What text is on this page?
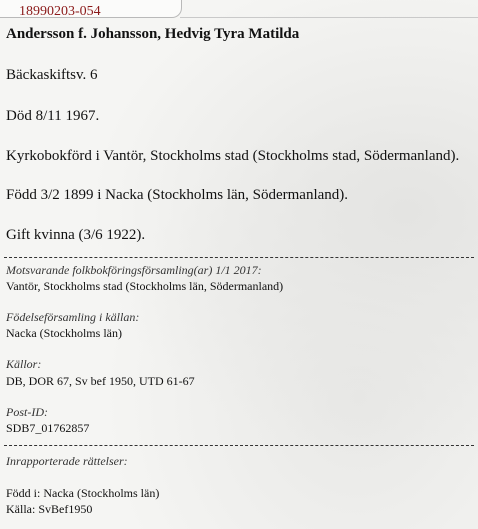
18990203-054
Andersson f. Johansson, Hedvig Tyra Matilda
Bäckaskiftsv. 6
Död 8/11 1967.
Kyrkobokförd i Vantör, Stockholms stad (Stockholms stad, Södermanland).
Född 3/2 1899 i Nacka (Stockholms län, Södermanland).
Gift kvinna (3/6 1922).
Motsvarande folkbokföringsförsamling(ar) 1/1 2017:
Vantör, Stockholms stad (Stockholms län, Södermanland)
Födelseförsamling i källan:
Nacka (Stockholms län)
Källor:
DB, DOR 67, Sv bef 1950, UTD 61-67
Post-ID:
SDB7_01762857
Inrapporterade rättelser:
Född i: Nacka (Stockholms län)
Källa: SvBef1950
